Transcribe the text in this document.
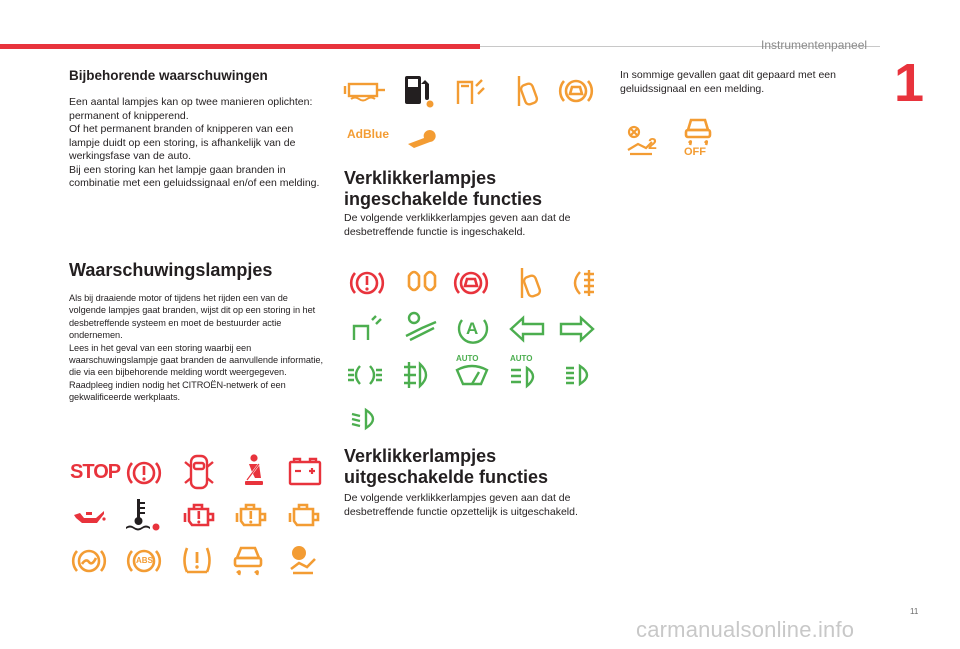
Instrumentenpaneel
1
Bijbehorende waarschuwingen

Een aantal lampjes kan op twee manieren oplichten: permanent of knipperend.

Of het permanent branden of knipperen van een lampje duidt op een storing, is afhankelijk van de werkingsfase van de auto.

Bij een storing kan het lampje gaan branden in combinatie met een geluidssignaal en/of een melding.

Waarschuwingslampjes

Als bij draaiende motor of tijdens het rijden een van de volgende lampjes gaat branden, wijst dit op een storing in het desbetreffende systeem en moet de bestuurder actie ondernemen.

Lees in het geval van een storing waarbij een waarschuwingslampje gaat branden de aanvullende informatie, die via een bijbehorende melding wordt weergegeven.

Raadpleeg indien nodig het CITROËN-netwerk of een gekwalificeerde werkplaats.

STOP
ABS
AdBlue
Verklikkerlampjes
ingeschakelde functies
De volgende verklikkerlampjes geven aan dat de desbetreffende functie is ingeschakeld.
A
AUTO	AUTO
Verklikkerlampjes
uitgeschakelde functies
De volgende verklikkerlampjes geven aan dat de desbetreffende functie opzettelijk is uitgeschakeld.
In sommige gevallen gaat dit gepaard met een geluidssignaal en een melding.
2 OFF
11
carmanualsonline.info
